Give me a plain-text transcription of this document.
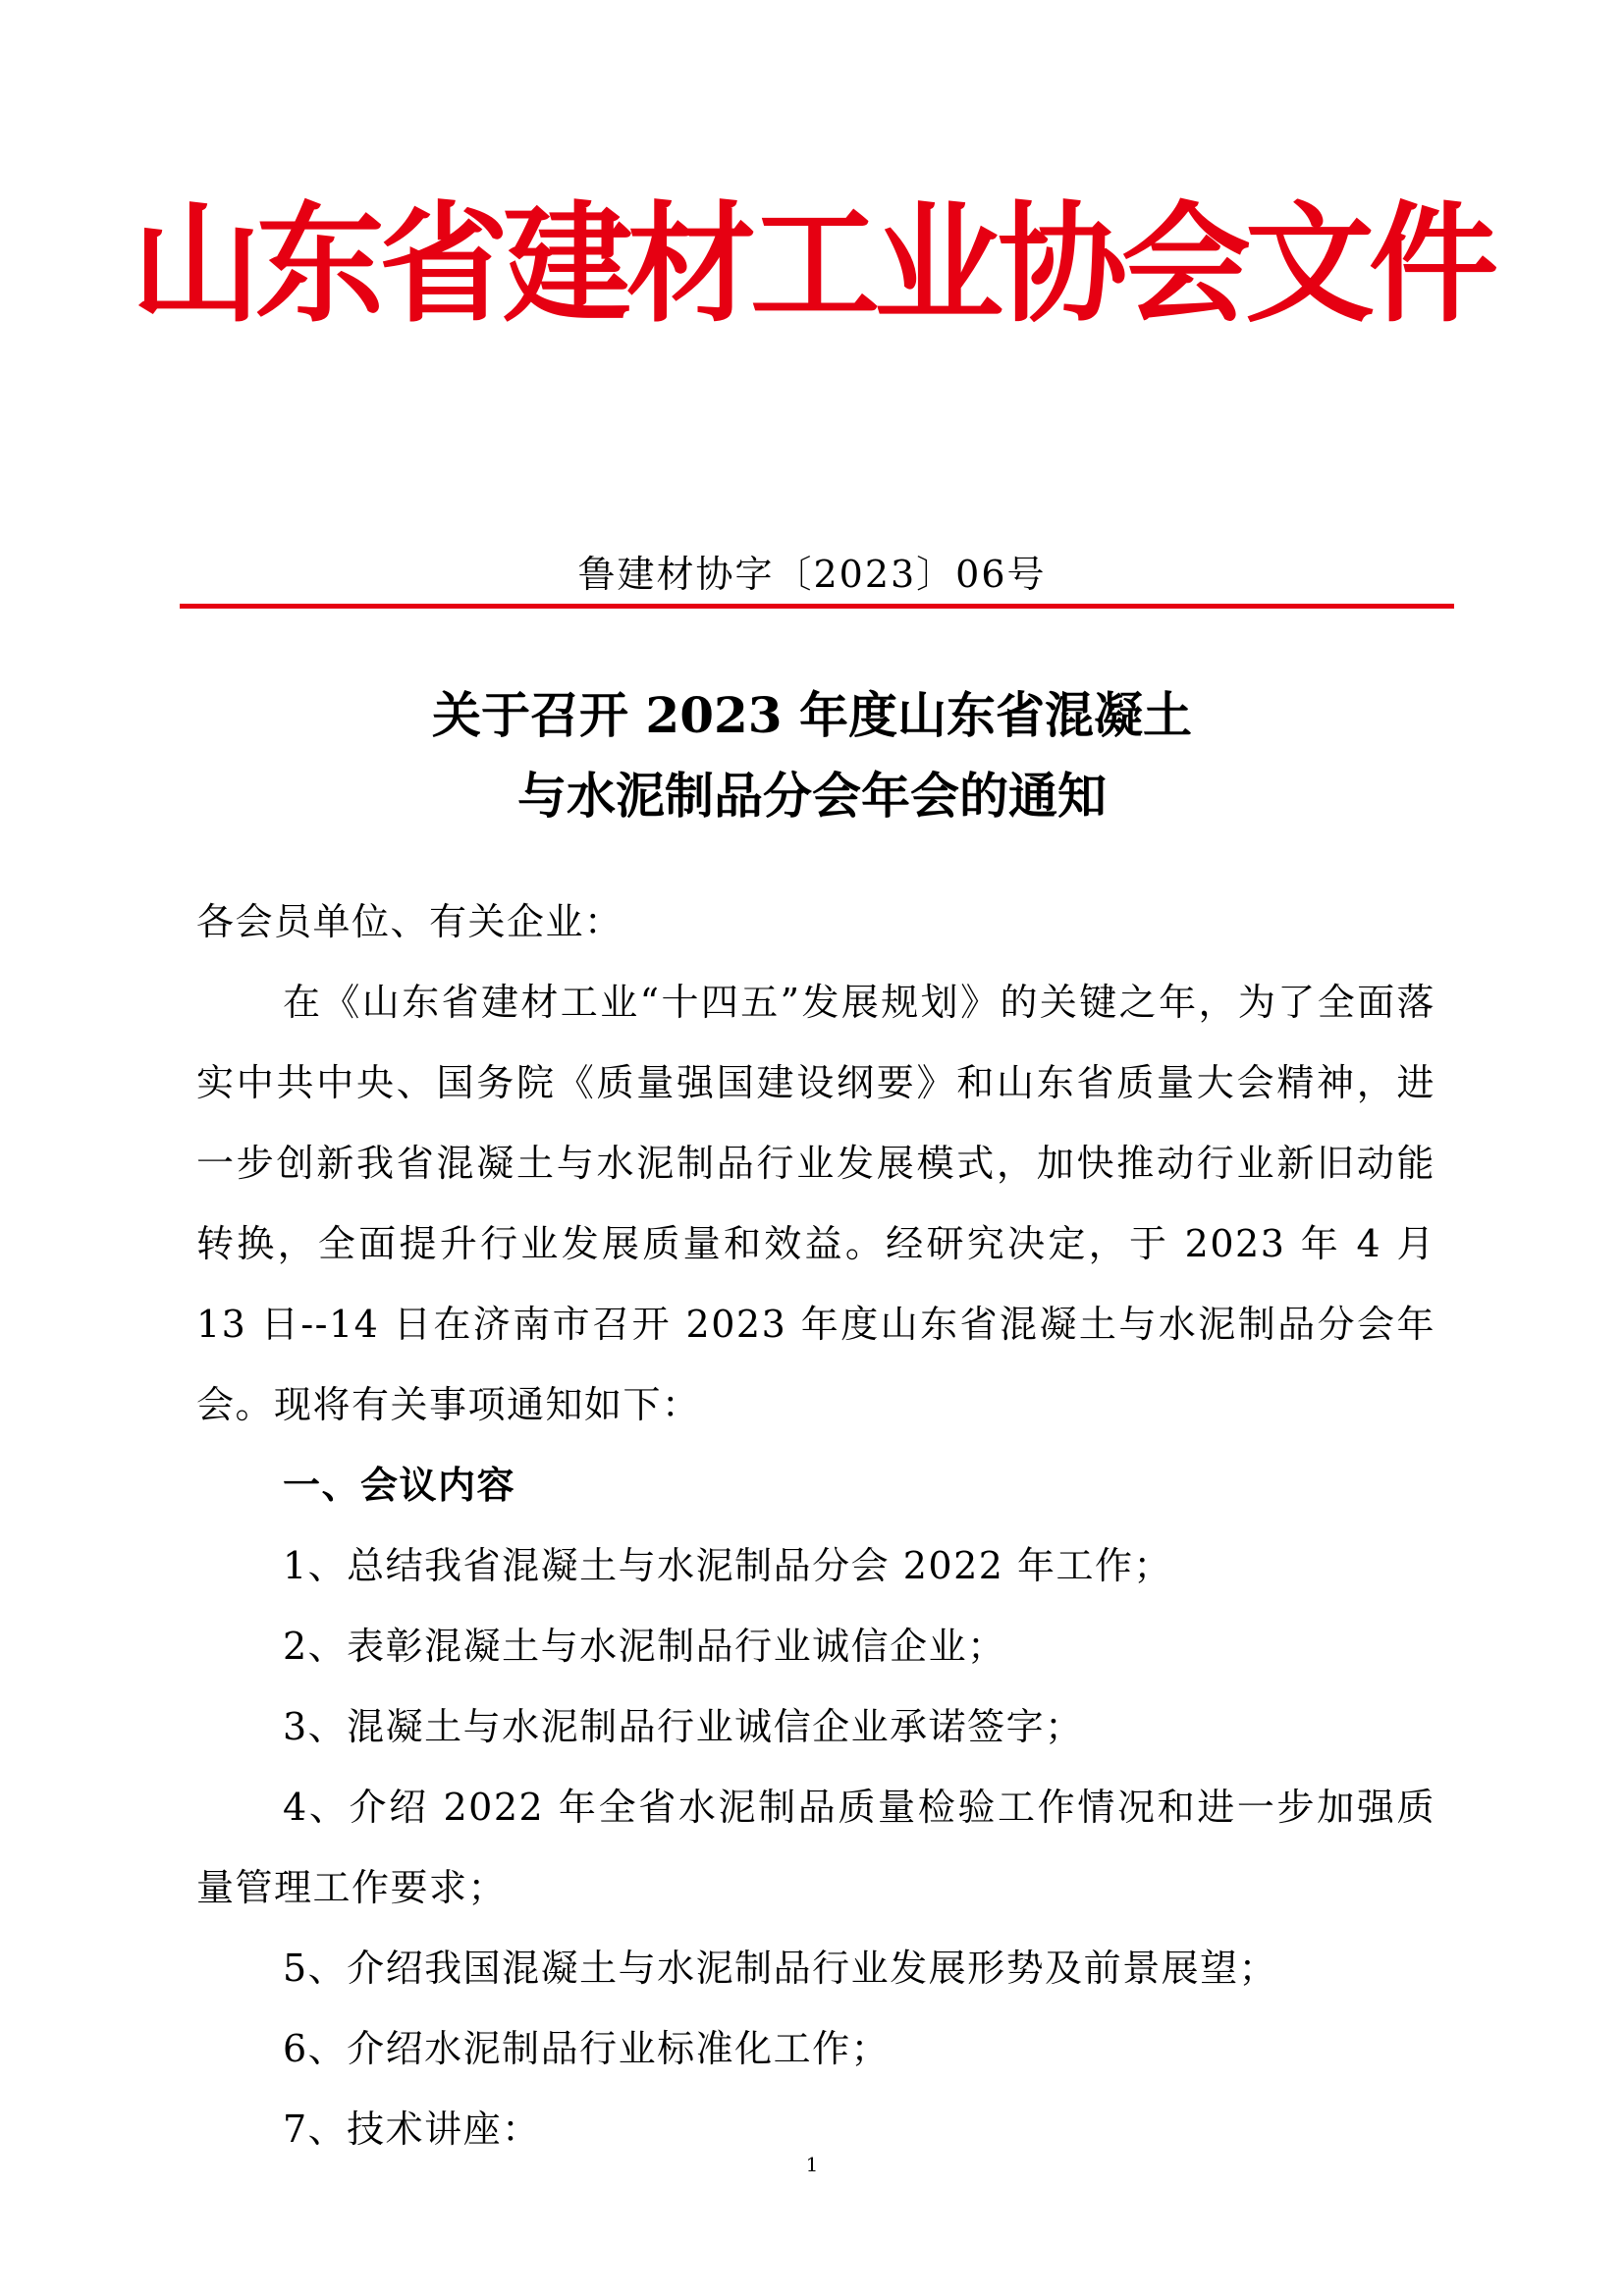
山东省建材工业协会文件
鲁建材协字〔2023〕06号
关于召开 2023 年度山东省混凝土
与水泥制品分会年会的通知

各会员单位、有关企业：

在《山东省建材工业“十四五”发展规划》的关键之年，为了全面落实中共中央、国务院《质量强国建设纲要》和山东省质量大会精神，进一步创新我省混凝土与水泥制品行业发展模式，加快推动行业新旧动能转换，全面提升行业发展质量和效益。经研究决定，于 2023 年 4 月 13 日--14 日在济南市召开 2023 年度山东省混凝土与水泥制品分会年会。现将有关事项通知如下：

一、会议内容

1、总结我省混凝土与水泥制品分会 2022 年工作；

2、表彰混凝土与水泥制品行业诚信企业；

3、混凝土与水泥制品行业诚信企业承诺签字；

4、介绍 2022 年全省水泥制品质量检验工作情况和进一步加强质量管理工作要求；

5、介绍我国混凝土与水泥制品行业发展形势及前景展望；

6、介绍水泥制品行业标准化工作；

7、技术讲座：

1
